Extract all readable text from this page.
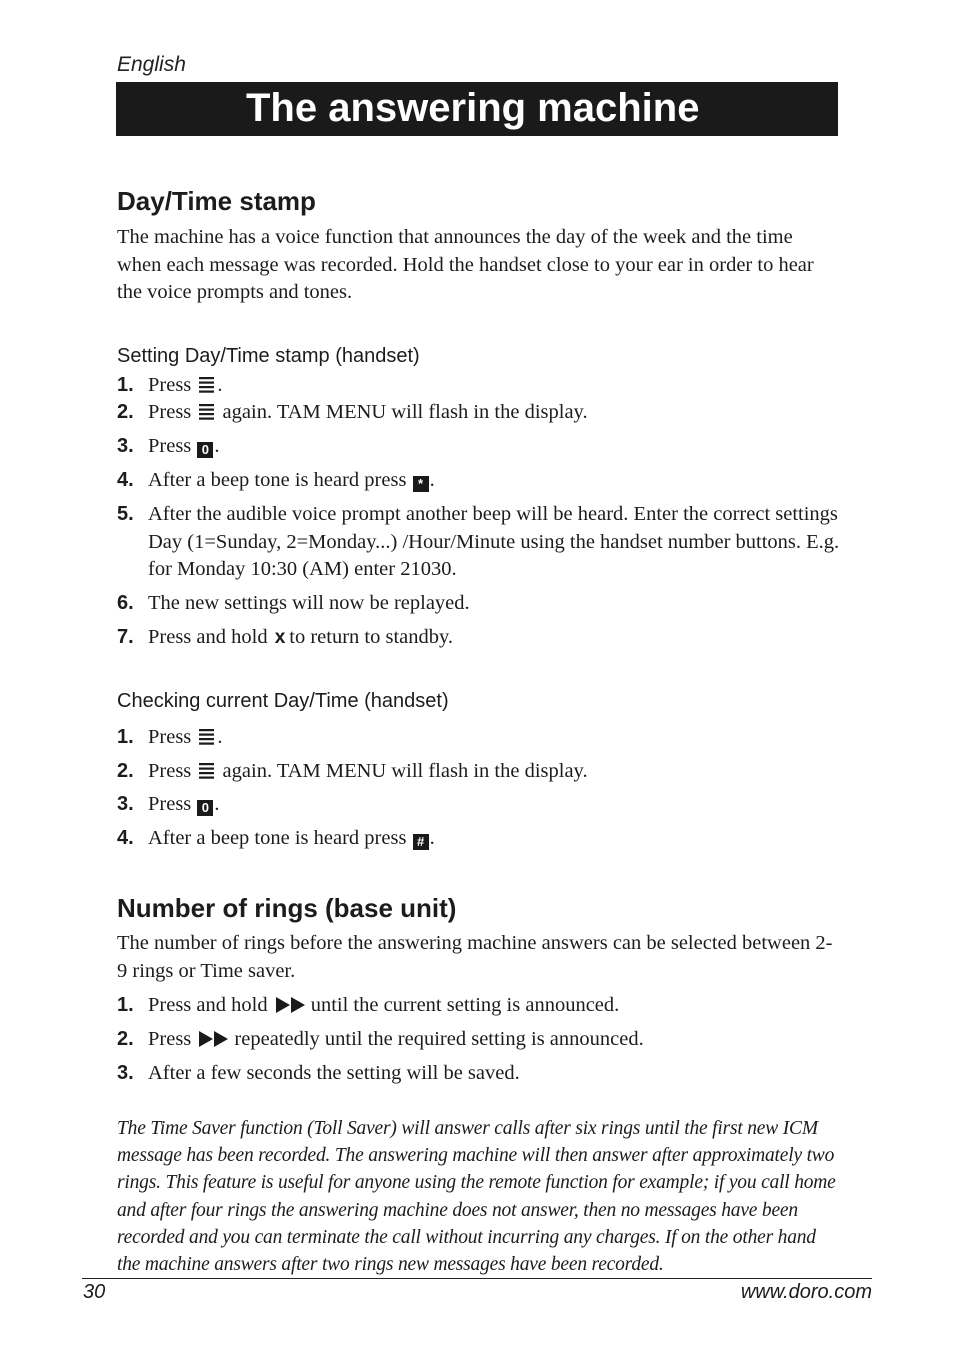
English
The answering machine
Day/Time stamp

The machine has a voice function that announces the day of the week and the time when each message was recorded. Hold the handset close to your ear in order to hear the voice prompts and tones.

Setting Day/Time stamp (handset)
1. Press .
2. Press again. TAM MENU will flash in the display.
3. Press 0 .
4. After a beep tone is heard press * .
5. After the audible voice prompt another beep will be heard. Enter the correct settings Day (1=Sunday, 2=Monday...) /Hour/Minute using the handset number buttons. E.g. for Monday 10:30 (AM) enter 21030.
6. The new settings will now be replayed.
7. Press and hold x to return to standby.
Checking current Day/Time (handset)
1. Press .
2. Press again. TAM MENU will flash in the display.
3. Press 0 .
4. After a beep tone is heard press # .
Number of rings (base unit)

The number of rings before the answering machine answers can be selected between 2-9 rings or Time saver.

1. Press and hold until the current setting is announced.
2. Press repeatedly until the required setting is announced.
3. After a few seconds the setting will be saved.

The Time Saver function (Toll Saver) will answer calls after six rings until the first new ICM message has been recorded. The answering machine will then answer after approximately two rings. This feature is useful for anyone using the remote function for example; if you call home and after four rings the answering machine does not answer, then no messages have been recorded and you can terminate the call without incurring any charges. If on the other hand the machine answers after two rings new messages have been recorded.

30	www.doro.com
